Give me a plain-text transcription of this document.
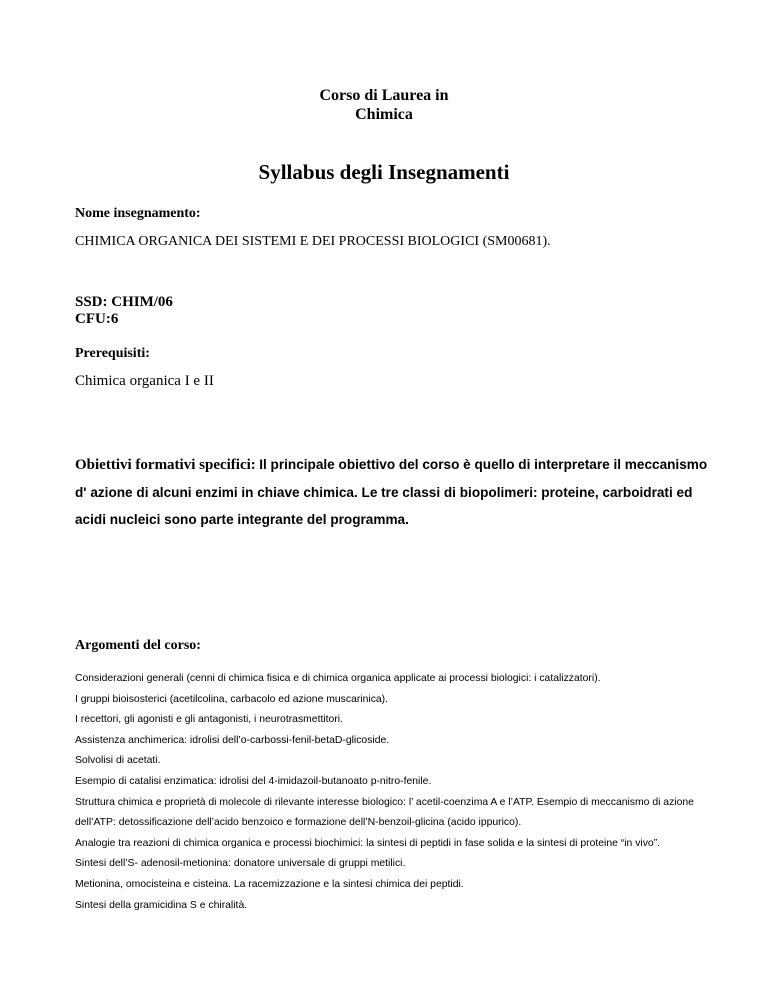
Corso di Laurea in
Chimica
Syllabus degli Insegnamenti
Nome insegnamento:
CHIMICA ORGANICA DEI SISTEMI E DEI PROCESSI BIOLOGICI (SM00681).
SSD: CHIM/06
CFU:6
Prerequisiti:
Chimica organica I e II
Obiettivi formativi specifici: Il principale obiettivo del corso è quello di interpretare il meccanismo d' azione di alcuni enzimi in chiave chimica. Le tre classi di biopolimeri: proteine, carboidrati ed acidi nucleici sono parte integrante del programma.
Argomenti del corso:
Considerazioni generali (cenni di chimica fisica e di chimica organica applicate ai processi biologici: i catalizzatori).
I gruppi bioisosterici (acetilcolina, carbacolo ed azione muscarinica).
I recettori, gli agonisti e gli antagonisti, i neurotrasmettitori.
Assistenza anchimerica: idrolisi dell’o-carbossi-fenil-betaD-glicoside.
Solvolisi di acetati.
Esempio di catalisi enzimatica: idrolisi del 4-imidazoil-butanoato p-nitro-fenile.
Struttura chimica e proprietà di molecole di rilevante interesse biologico: l’ acetil-coenzima A e l’ATP. Esempio di meccanismo di azione dell’ATP: detossificazione dell’acido benzoico e formazione dell’N-benzoil-glicina (acido ippurico).
Analogie tra reazioni di chimica organica e processi biochimici: la sintesi di peptidi in fase solida e la sintesi di proteine “in vivo”.
Sintesi dell’S- adenosil-metionina: donatore universale di gruppi metilici.
Metionina, omocisteina e cisteina. La racemizzazione e la sintesi chimica dei peptidi.
Sintesi della gramicidina S e chiralità.
